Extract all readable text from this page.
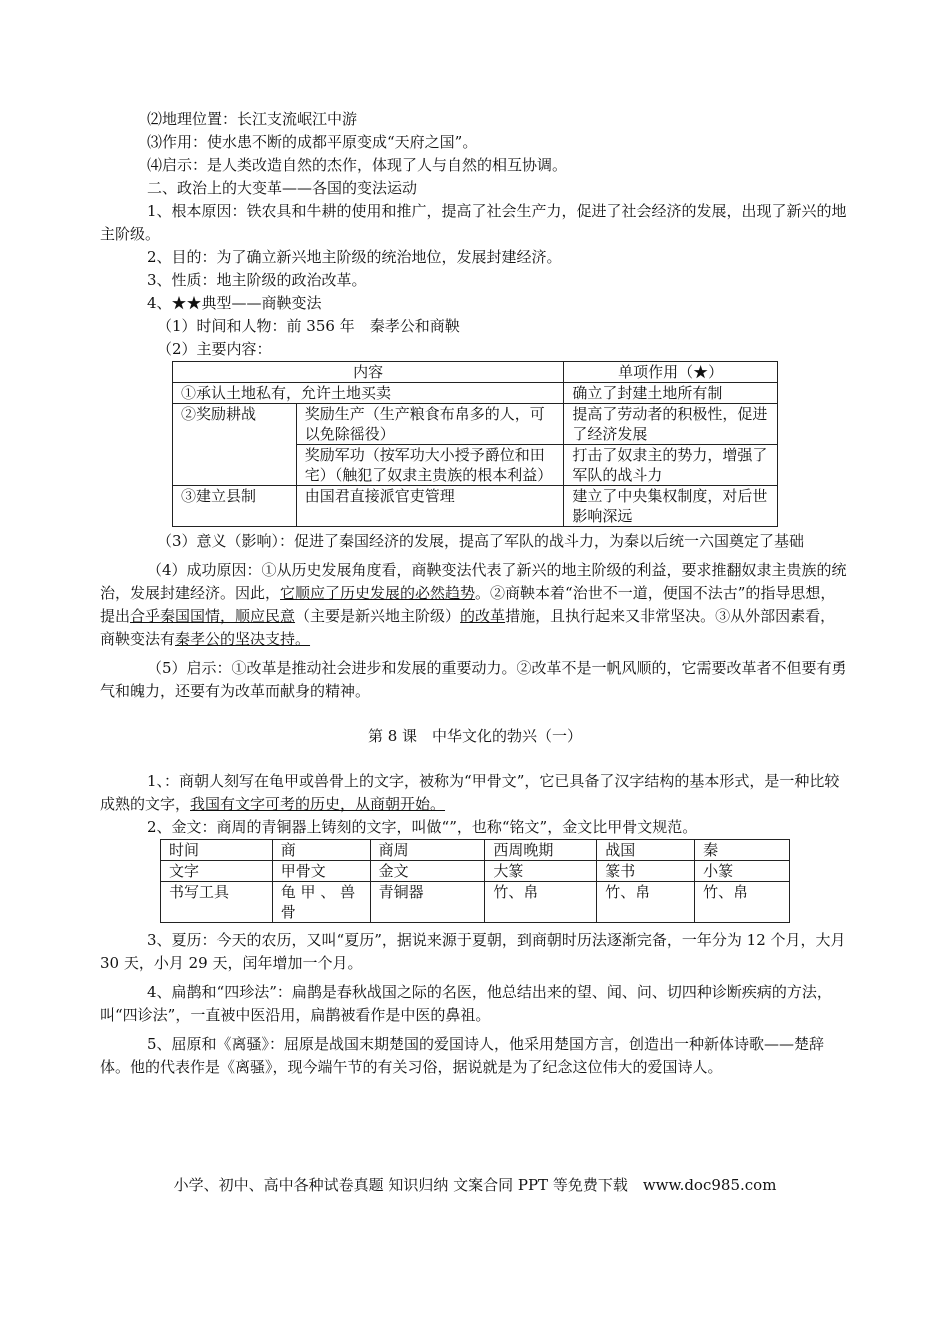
⑵地理位置：长江支流岷江中游

⑶作用：使水患不断的成都平原变成“天府之国”。

⑷启示：是人类改造自然的杰作，体现了人与自然的相互协调。

二、政治上的大变革——各国的变法运动

1、根本原因：铁农具和牛耕的使用和推广，提高了社会生产力，促进了社会经济的发展，出现了新兴的地主阶级。

2、目的：为了确立新兴地主阶级的统治地位，发展封建经济。

3、性质：地主阶级的政治改革。

4、★★典型——商鞅变法

（1）时间和人物：前 356 年　秦孝公和商鞅

（2）主要内容：

内容		单项作用（★）
①承认土地私有，允许土地买卖		确立了封建土地所有制
②奖励耕战	奖励生产（生产粮食布帛多的人，可以免除徭役）	提高了劳动者的积极性，促进了经济发展
	奖励军功（按军功大小授予爵位和田宅）（触犯了奴隶主贵族的根本利益）	打击了奴隶主的势力，增强了军队的战斗力
③建立县制	由国君直接派官吏管理	建立了中央集权制度，对后世影响深远

（3）意义（影响）：促进了秦国经济的发展，提高了军队的战斗力，为秦以后统一六国奠定了基础

（4）成功原因：①从历史发展角度看，商鞅变法代表了新兴的地主阶级的利益，要求推翻奴隶主贵族的统治，发展封建经济。因此，它顺应了历史发展的必然趋势。②商鞅本着“治世不一道，便国不法古”的指导思想，提出合乎秦国国情，顺应民意（主要是新兴地主阶级）的改革措施，且执行起来又非常坚决。③从外部因素看，商鞅变法有秦孝公的坚决支持。

（5）启示：①改革是推动社会进步和发展的重要动力。②改革不是一帆风顺的，它需要改革者不但要有勇气和魄力，还要有为改革而献身的精神。

第 8 课　中华文化的勃兴（一）

1、：商朝人刻写在龟甲或兽骨上的文字，被称为“甲骨文”，它已具备了汉字结构的基本形式，是一种比较成熟的文字，我国有文字可考的历史，从商朝开始。

2、金文：商周的青铜器上铸刻的文字，叫做“”，也称“铭文”，金文比甲骨文规范。

时间	商	商周	西周晚期	战国	秦
文字	甲骨文	金文	大篆	篆书	小篆
书写工具	龟 甲 、 兽 骨	青铜器	竹、帛	竹、帛	竹、帛

3、夏历：今天的农历，又叫“夏历”，据说来源于夏朝，到商朝时历法逐渐完备，一年分为 12 个月，大月 30 天，小月 29 天，闰年增加一个月。

4、扁鹊和“四珍法”：扁鹊是春秋战国之际的名医，他总结出来的望、闻、问、切四种诊断疾病的方法，叫“四诊法”，一直被中医沿用，扁鹊被看作是中医的鼻祖。

5、屈原和《离骚》：屈原是战国末期楚国的爱国诗人，他采用楚国方言，创造出一种新体诗歌——楚辞体。他的代表作是《离骚》，现今端午节的有关习俗，据说就是为了纪念这位伟大的爱国诗人。

小学、初中、高中各种试卷真题 知识归纳 文案合同 PPT 等免费下载　www.doc985.com
